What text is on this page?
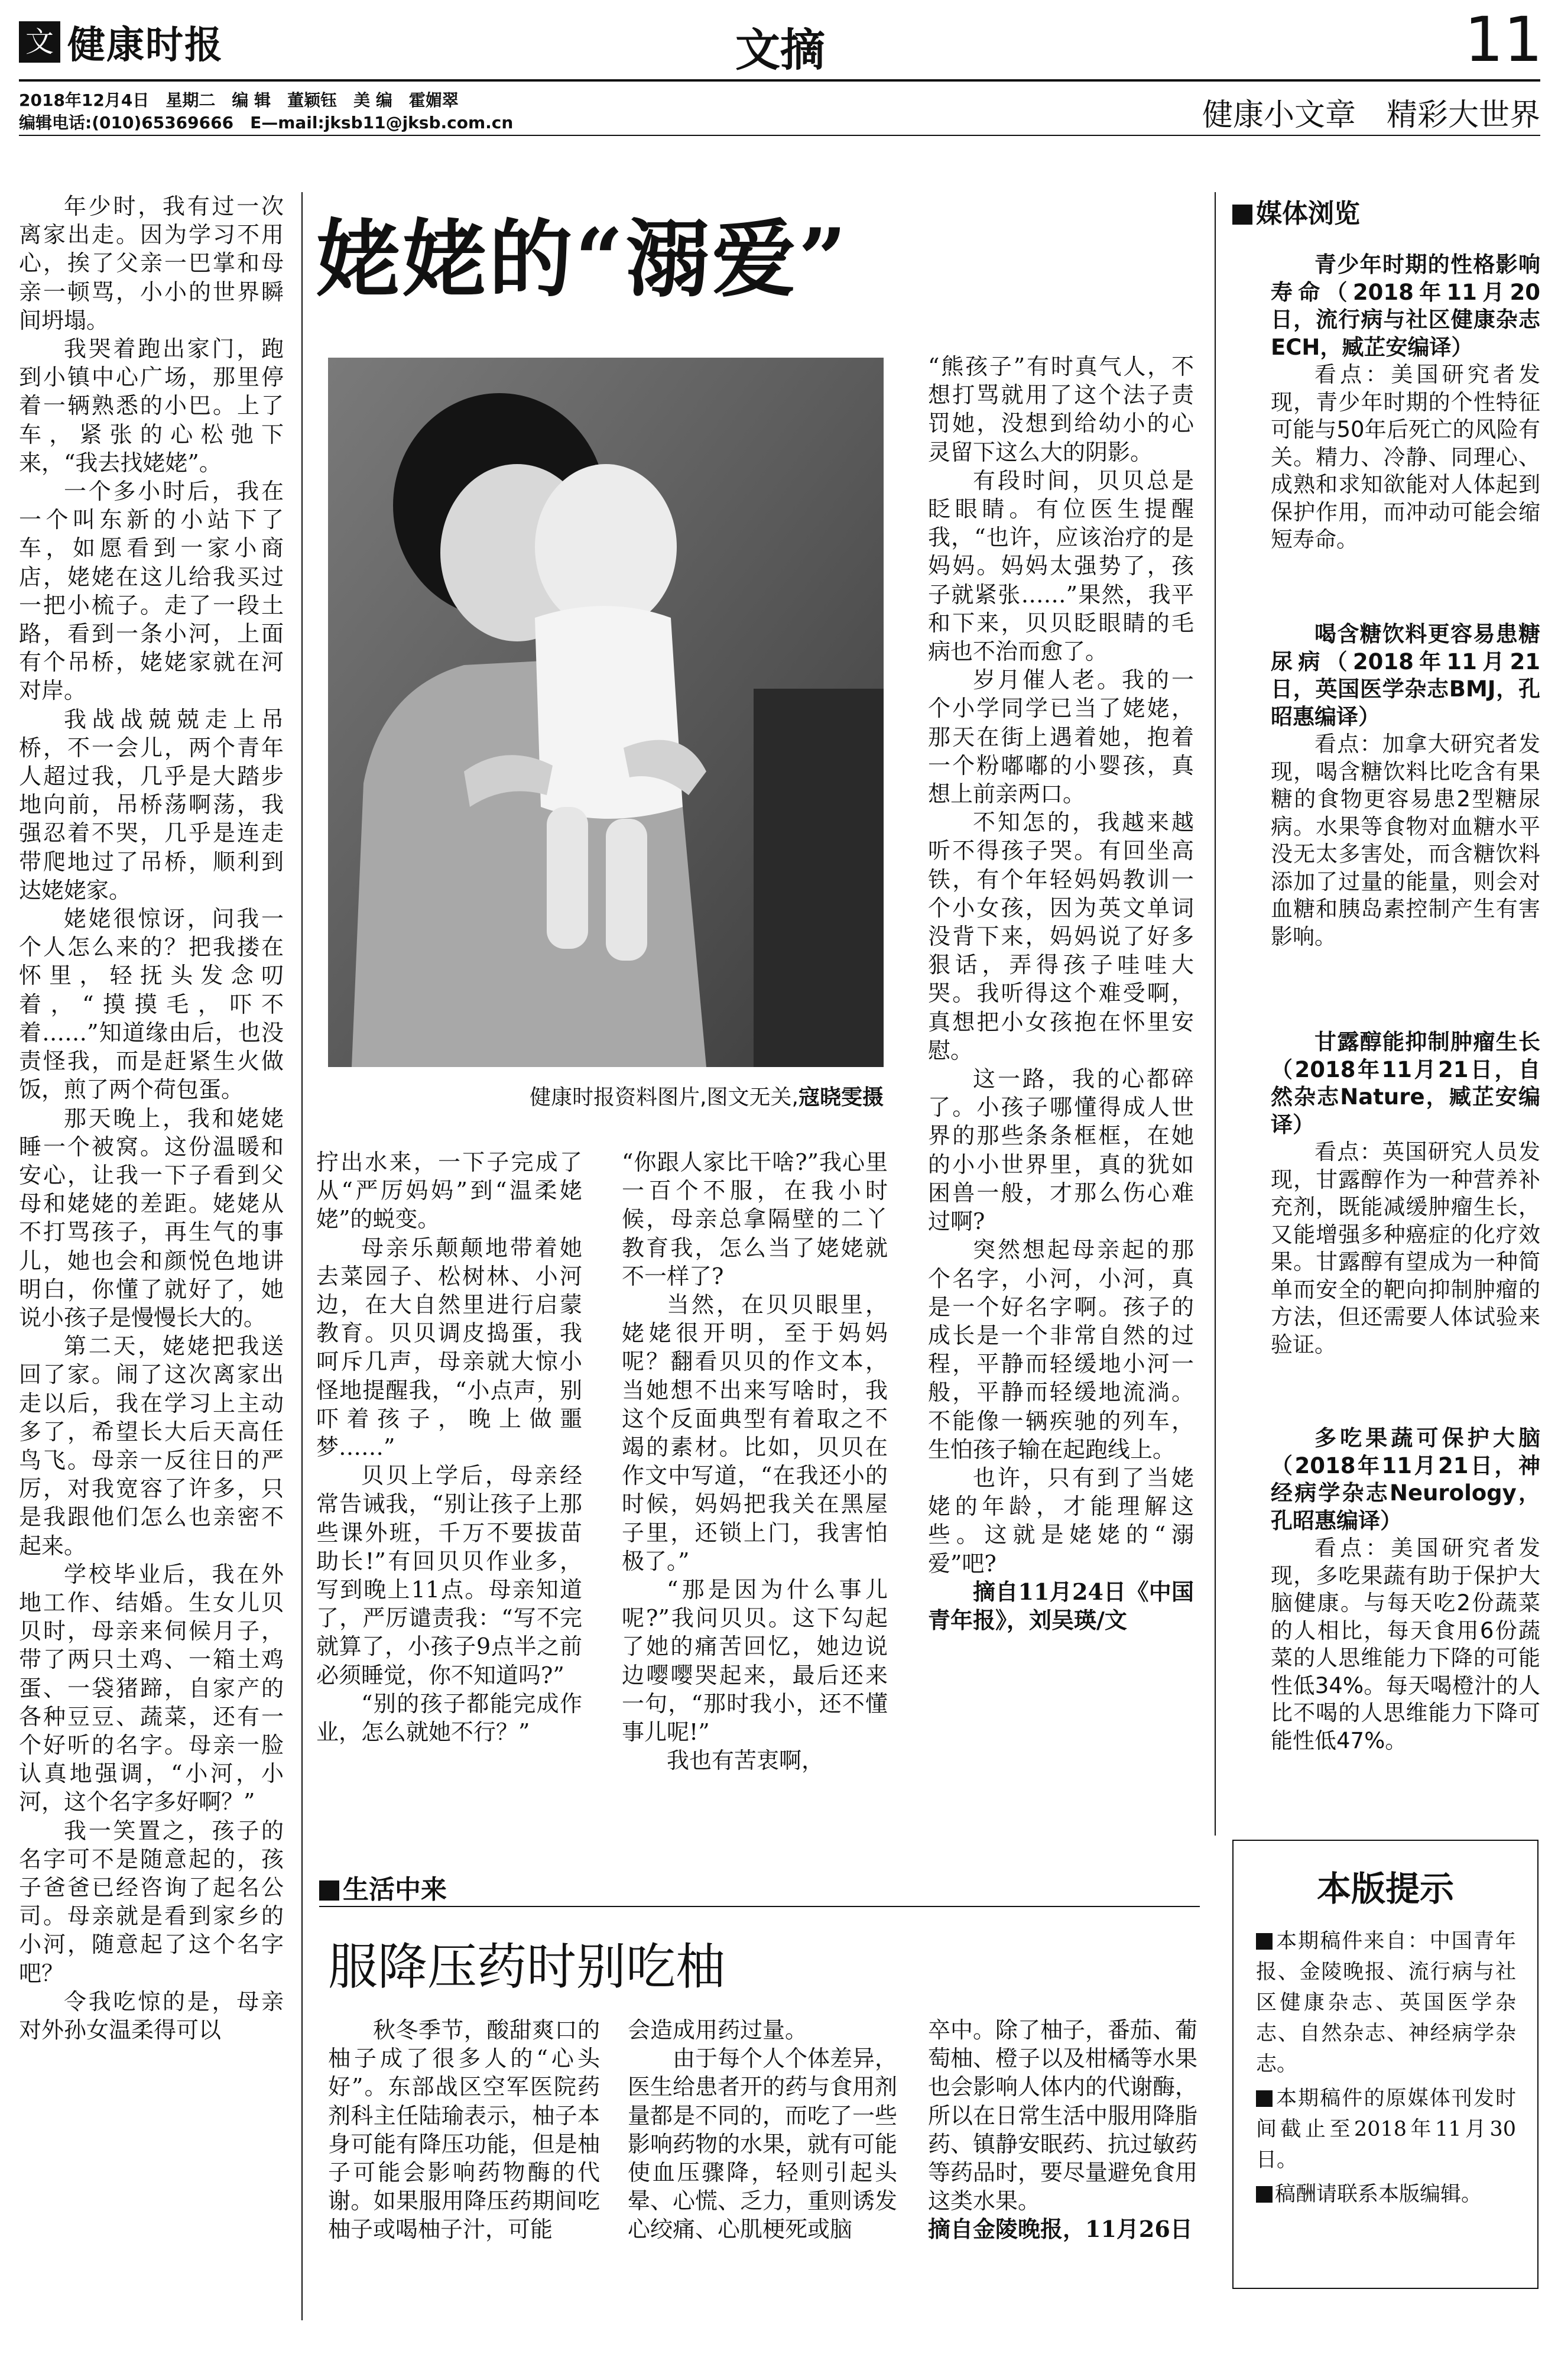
文 健康时报	文摘	11
2018年12月4日　星期二　编 辑　董颖钰　美 编　霍媚翠
编辑电话:(010)65369666　E—mail:jksb11@jksb.com.cn	健康小文章　精彩大世界
姥姥的“溺爱”
健康时报资料图片,图文无关,寇晓雯摄

年少时，我有过一次离家出走。因为学习不用心，挨了父亲一巴掌和母亲一顿骂，小小的世界瞬间坍塌。

我哭着跑出家门，跑到小镇中心广场，那里停着一辆熟悉的小巴。上了车，紧张的心松弛下来，“我去找姥姥”。

一个多小时后，我在一个叫东新的小站下了车，如愿看到一家小商店，姥姥在这儿给我买过一把小梳子。走了一段土路，看到一条小河，上面有个吊桥，姥姥家就在河对岸。

我战战兢兢走上吊桥，不一会儿，两个青年人超过我，几乎是大踏步地向前，吊桥荡啊荡，我强忍着不哭，几乎是连走带爬地过了吊桥，顺利到达姥姥家。

姥姥很惊讶，问我一个人怎么来的？把我搂在怀里，轻抚头发念叨着，“摸摸毛，吓不着……”知道缘由后，也没责怪我，而是赶紧生火做饭，煎了两个荷包蛋。

那天晚上，我和姥姥睡一个被窝。这份温暖和安心，让我一下子看到父母和姥姥的差距。姥姥从不打骂孩子，再生气的事儿，她也会和颜悦色地讲明白，你懂了就好了，她说小孩子是慢慢长大的。

第二天，姥姥把我送回了家。闹了这次离家出走以后，我在学习上主动多了，希望长大后天高任鸟飞。母亲一反往日的严厉，对我宽容了许多，只是我跟他们怎么也亲密不起来。

学校毕业后，我在外地工作、结婚。生女儿贝贝时，母亲来伺候月子，带了两只土鸡、一箱土鸡蛋、一袋猪蹄，自家产的各种豆豆、蔬菜，还有一个好听的名字。母亲一脸认真地强调，“小河，小河，这个名字多好啊？”

我一笑置之，孩子的名字可不是随意起的，孩子爸爸已经咨询了起名公司。母亲就是看到家乡的小河，随意起了这个名字吧？

令我吃惊的是，母亲对外孙女温柔得可以

拧出水来，一下子完成了从“严厉妈妈”到“温柔姥姥”的蜕变。

母亲乐颠颠地带着她去菜园子、松树林、小河边，在大自然里进行启蒙教育。贝贝调皮捣蛋，我呵斥几声，母亲就大惊小怪地提醒我，“小点声，别吓着孩子，晚上做噩梦……”

贝贝上学后，母亲经常告诫我，“别让孩子上那些课外班，千万不要拔苗助长!”有回贝贝作业多，写到晚上11点。母亲知道了，严厉谴责我：“写不完就算了，小孩子9点半之前必须睡觉，你不知道吗?”

“别的孩子都能完成作业，怎么就她不行？”

“你跟人家比干啥?”我心里一百个不服，在我小时候，母亲总拿隔壁的二丫教育我，怎么当了姥姥就不一样了?

当然，在贝贝眼里，姥姥很开明，至于妈妈呢？翻看贝贝的作文本，当她想不出来写啥时，我这个反面典型有着取之不竭的素材。比如，贝贝在作文中写道，“在我还小的时候，妈妈把我关在黑屋子里，还锁上门，我害怕极了。”

“那是因为什么事儿呢?”我问贝贝。这下勾起了她的痛苦回忆，她边说边嘤嘤哭起来，最后还来一句，“那时我小，还不懂事儿呢!”

我也有苦衷啊，

“熊孩子”有时真气人，不想打骂就用了这个法子责罚她，没想到给幼小的心灵留下这么大的阴影。

有段时间，贝贝总是眨眼睛。有位医生提醒我，“也许，应该治疗的是妈妈。妈妈太强势了，孩子就紧张……”果然，我平和下来，贝贝眨眼睛的毛病也不治而愈了。

岁月催人老。我的一个小学同学已当了姥姥，那天在街上遇着她，抱着一个粉嘟嘟的小婴孩，真想上前亲两口。

不知怎的，我越来越听不得孩子哭。有回坐高铁，有个年轻妈妈教训一个小女孩，因为英文单词没背下来，妈妈说了好多狠话，弄得孩子哇哇大哭。我听得这个难受啊，真想把小女孩抱在怀里安慰。

这一路，我的心都碎了。小孩子哪懂得成人世界的那些条条框框，在她的小小世界里，真的犹如困兽一般，才那么伤心难过啊?

突然想起母亲起的那个名字，小河，小河，真是一个好名字啊。孩子的成长是一个非常自然的过程，平静而轻缓地小河一般，平静而轻缓地流淌。不能像一辆疾驰的列车，生怕孩子输在起跑线上。

也许，只有到了当姥姥的年龄，才能理解这些。这就是姥姥的“溺爱”吧?

摘自11月24日《中国青年报》，刘吴瑛/文

媒体浏览

青少年时期的性格影响寿命（2018年11月20日，流行病与社区健康杂志ECH，臧芷安编译）

看点：美国研究者发现，青少年时期的个性特征可能与50年后死亡的风险有关。精力、冷静、同理心、成熟和求知欲能对人体起到保护作用，而冲动可能会缩短寿命。

喝含糖饮料更容易患糖尿病（2018年11月21日，英国医学杂志BMJ，孔昭惠编译）

看点：加拿大研究者发现，喝含糖饮料比吃含有果糖的食物更容易患2型糖尿病。水果等食物对血糖水平没无太多害处，而含糖饮料添加了过量的能量，则会对血糖和胰岛素控制产生有害影响。

甘露醇能抑制肿瘤生长（2018年11月21日，自然杂志Nature，臧芷安编译）

看点：英国研究人员发现，甘露醇作为一种营养补充剂，既能减缓肿瘤生长，又能增强多种癌症的化疗效果。甘露醇有望成为一种简单而安全的靶向抑制肿瘤的方法，但还需要人体试验来验证。

多吃果蔬可保护大脑（2018年11月21日，神经病学杂志Neurology，孔昭惠编译）

看点：美国研究者发现，多吃果蔬有助于保护大脑健康。与每天吃2份蔬菜的人相比，每天食用6份蔬菜的人思维能力下降的可能性低34%。每天喝橙汁的人比不喝的人思维能力下降可能性低47%。

生活中来
服降压药时别吃柚

秋冬季节，酸甜爽口的柚子成了很多人的“心头好”。东部战区空军医院药剂科主任陆瑜表示，柚子本身可能有降压功能，但是柚子可能会影响药物酶的代谢。如果服用降压药期间吃柚子或喝柚子汁，可能

会造成用药过量。

由于每个人个体差异，医生给患者开的药与食用剂量都是不同的，而吃了一些影响药物的水果，就有可能使血压骤降，轻则引起头晕、心慌、乏力，重则诱发心绞痛、心肌梗死或脑

卒中。除了柚子，番茄、葡萄柚、橙子以及柑橘等水果也会影响人体内的代谢酶，所以在日常生活中服用降脂药、镇静安眠药、抗过敏药等药品时，要尽量避免食用这类水果。

摘自金陵晚报，11月26日

本版提示

本期稿件来自：中国青年报、金陵晚报、流行病与社区健康杂志、英国医学杂志、自然杂志、神经病学杂志。

本期稿件的原媒体刊发时间截止至2018年11月30日。

稿酬请联系本版编辑。
